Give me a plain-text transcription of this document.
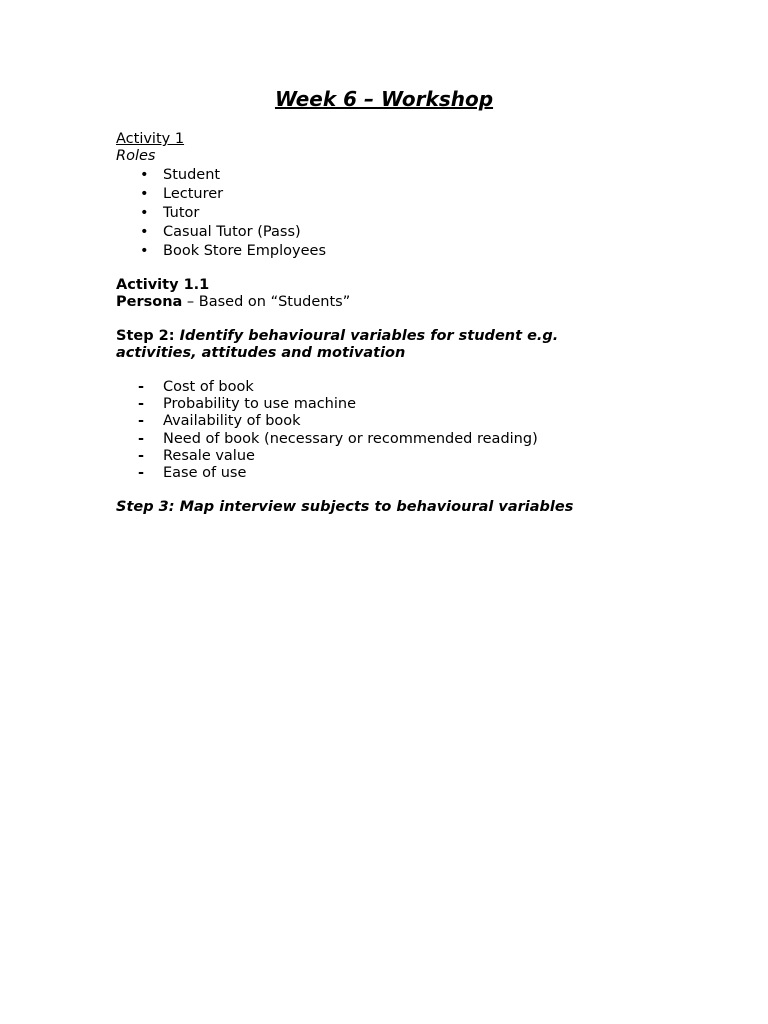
Week 6 – Workshop

Activity 1

Roles

• Student
• Lecturer
• Tutor
• Casual Tutor (Pass)
• Book Store Employees

Activity 1.1

Persona – Based on “Students”

Step 2: Identify behavioural variables for student e.g.

activities, attitudes and motivation

- Cost of book
- Probability to use machine
- Availability of book
- Need of book (necessary or recommended reading)
- Resale value
- Ease of use

Step 3: Map interview subjects to behavioural variables
